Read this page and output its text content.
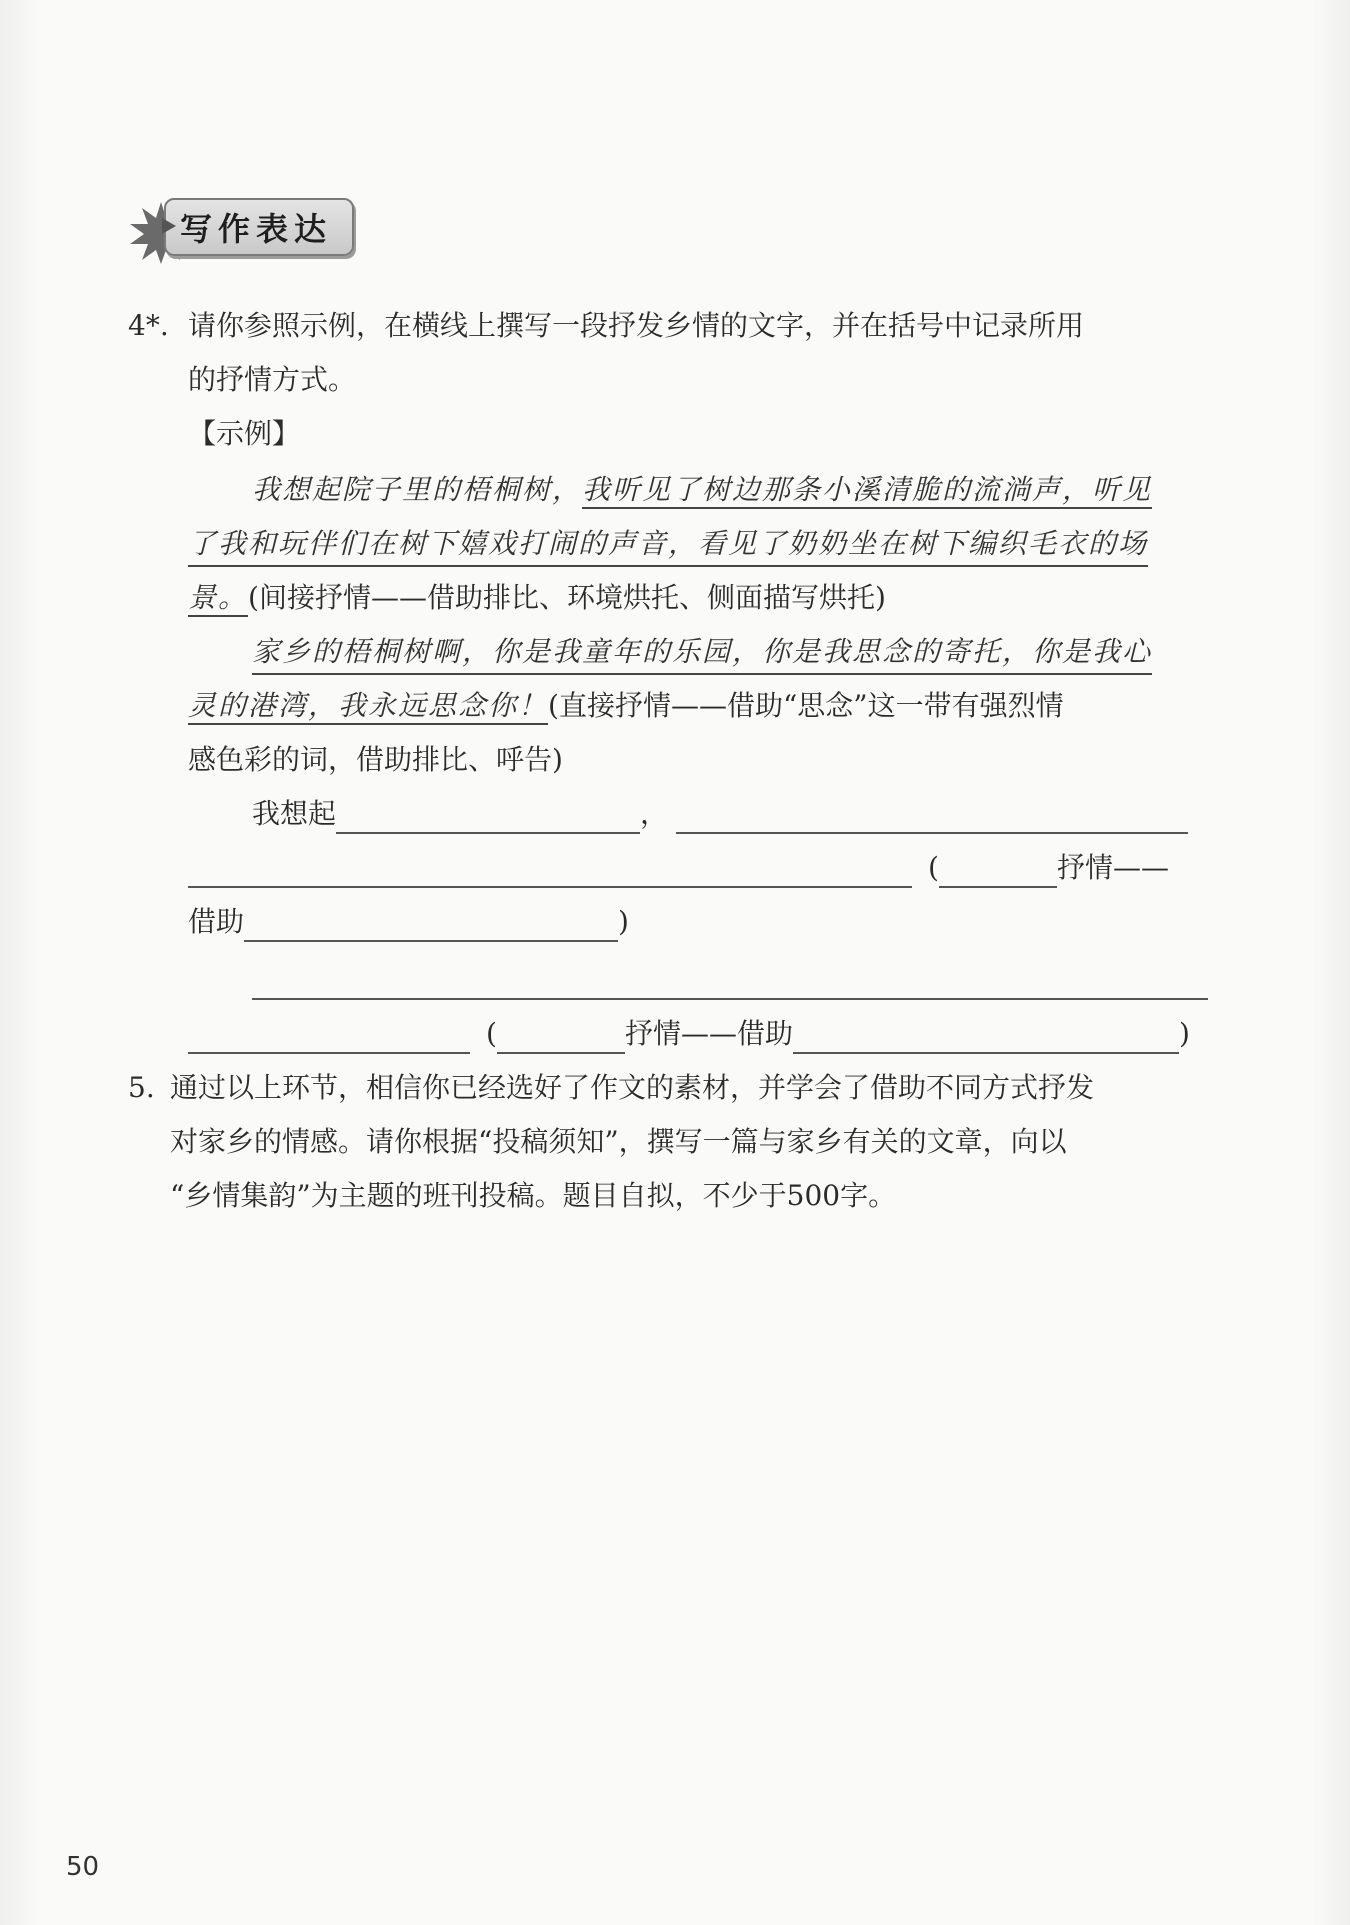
写作表达
4*. 请你参照示例，在横线上撰写一段抒发乡情的文字，并在括号中记录所用
的抒情方式。
【示例】
我想起院子里的梧桐树，我听见了树边那条小溪清脆的流淌声，听见
了我和玩伴们在树下嬉戏打闹的声音，看见了奶奶坐在树下编织毛衣的场
景。(间接抒情——借助排比、环境烘托、侧面描写烘托)
家乡的梧桐树啊，你是我童年的乐园，你是我思念的寄托，你是我心
灵的港湾，我永远思念你！(直接抒情——借助“思念”这一带有强烈情
感色彩的词，借助排比、呼告)
我想起	，
(	抒情——
借助	)
(	抒情——借助	)
5. 通过以上环节，相信你已经选好了作文的素材，并学会了借助不同方式抒发
对家乡的情感。请你根据“投稿须知”，撰写一篇与家乡有关的文章，向以
“乡情集韵”为主题的班刊投稿。题目自拟，不少于500字。
50
